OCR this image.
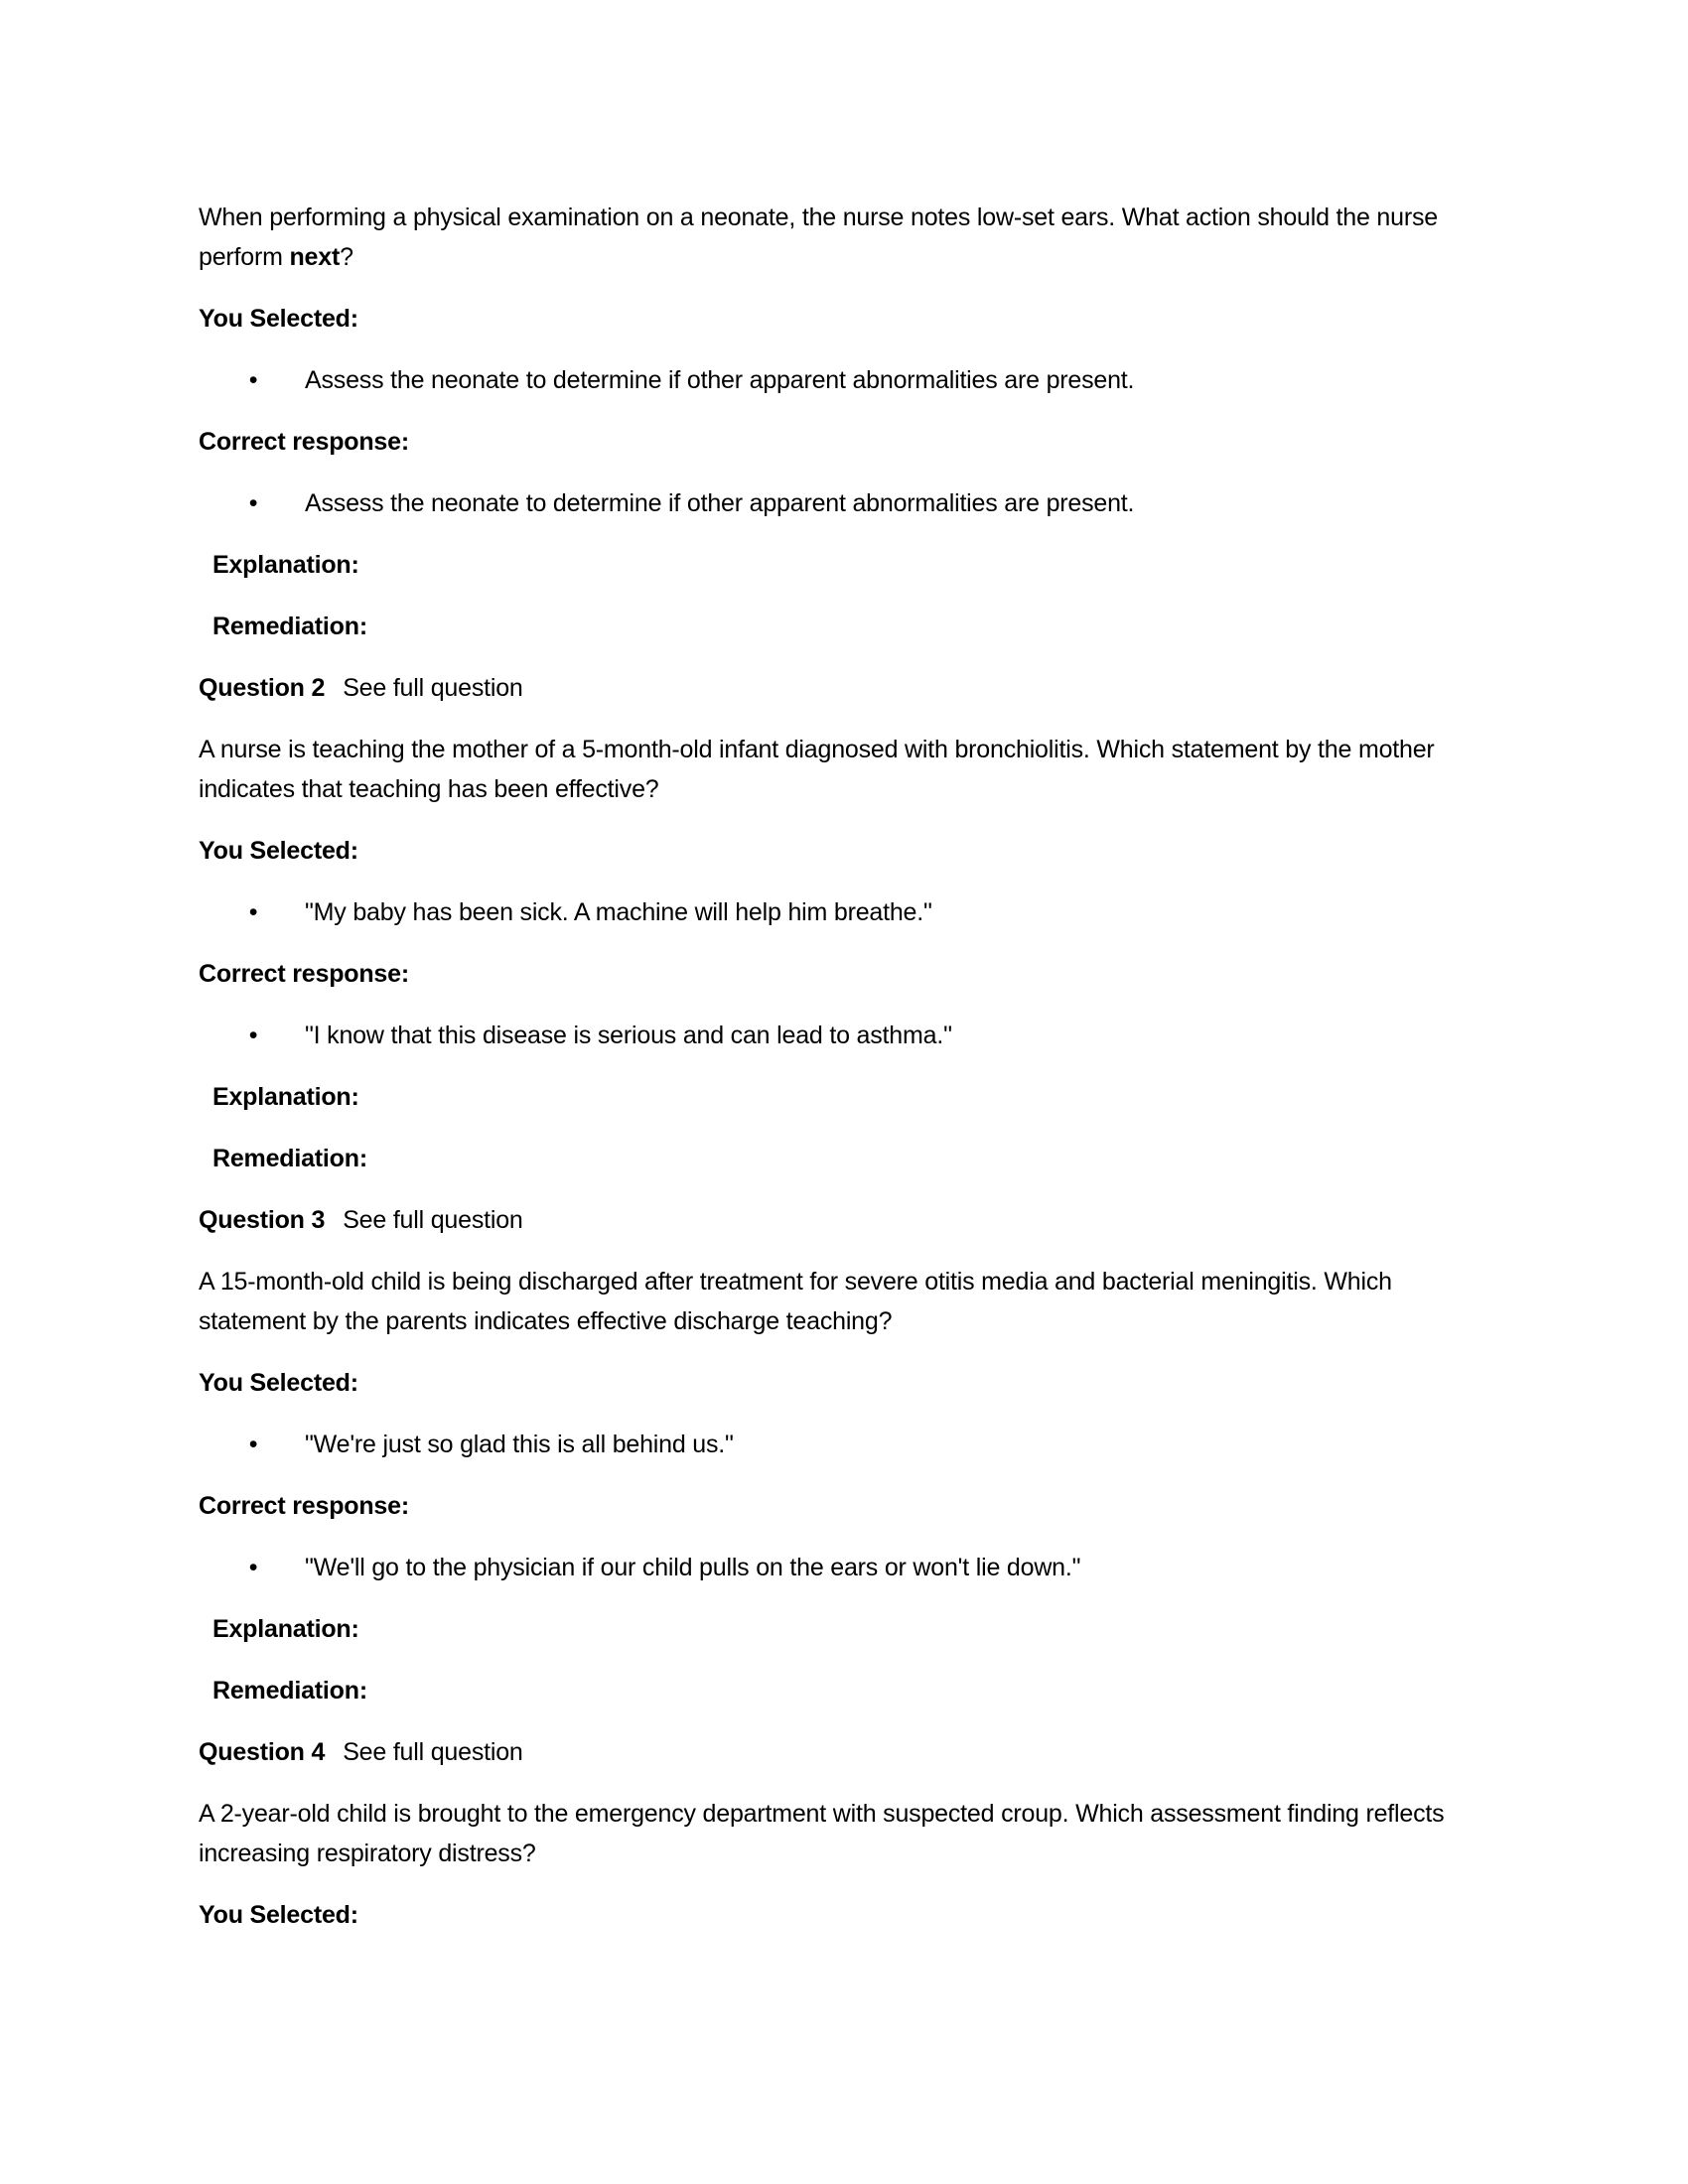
When performing a physical examination on a neonate, the nurse notes low-set ears. What action should the nurse perform next?

You Selected:

• Assess the neonate to determine if other apparent abnormalities are present.

Correct response:

• Assess the neonate to determine if other apparent abnormalities are present.

Explanation:

Remediation:

Question 2 See full question

A nurse is teaching the mother of a 5-month-old infant diagnosed with bronchiolitis. Which statement by the mother indicates that teaching has been effective?

You Selected:

• "My baby has been sick. A machine will help him breathe."

Correct response:

• "I know that this disease is serious and can lead to asthma."

Explanation:

Remediation:

Question 3 See full question

A 15-month-old child is being discharged after treatment for severe otitis media and bacterial meningitis. Which statement by the parents indicates effective discharge teaching?

You Selected:

• "We're just so glad this is all behind us."

Correct response:

• "We'll go to the physician if our child pulls on the ears or won't lie down."

Explanation:

Remediation:

Question 4 See full question

A 2-year-old child is brought to the emergency department with suspected croup. Which assessment finding reflects increasing respiratory distress?

You Selected:
